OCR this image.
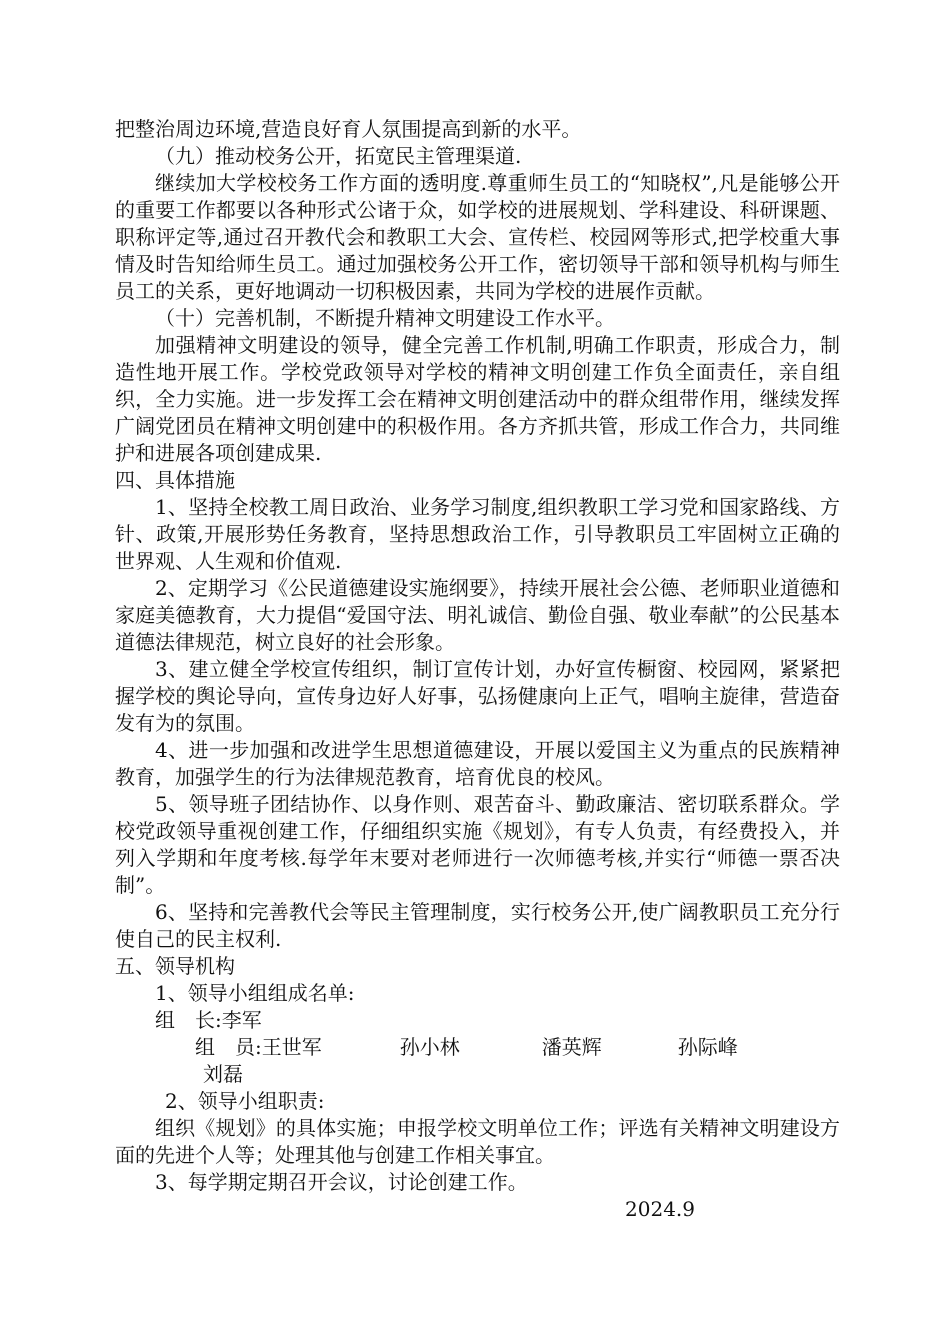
把整治周边环境,营造良好育人氛围提高到新的水平。

（九）推动校务公开，拓宽民主管理渠道.

继续加大学校校务工作方面的透明度.尊重师生员工的“知晓权”,凡是能够公开的重要工作都要以各种形式公诸于众，如学校的进展规划、学科建设、科研课题、职称评定等,通过召开教代会和教职工大会、宣传栏、校园网等形式,把学校重大事情及时告知给师生员工。通过加强校务公开工作，密切领导干部和领导机构与师生员工的关系，更好地调动一切积极因素，共同为学校的进展作贡献。

（十）完善机制，不断提升精神文明建设工作水平。

加强精神文明建设的领导，健全完善工作机制,明确工作职责，形成合力，制造性地开展工作。学校党政领导对学校的精神文明创建工作负全面责任，亲自组织，全力实施。进一步发挥工会在精神文明创建活动中的群众组带作用，继续发挥广阔党团员在精神文明创建中的积极作用。各方齐抓共管，形成工作合力，共同维护和进展各项创建成果.

四、具体措施

1、坚持全校教工周日政治、业务学习制度,组织教职工学习党和国家路线、方针、政策,开展形势任务教育，坚持思想政治工作，引导教职员工牢固树立正确的世界观、人生观和价值观.

2、定期学习《公民道德建设实施纲要》，持续开展社会公德、老师职业道德和家庭美德教育，大力提倡“爱国守法、明礼诚信、勤俭自强、敬业奉献”的公民基本道德法律规范，树立良好的社会形象。

3、建立健全学校宣传组织，制订宣传计划，办好宣传橱窗、校园网，紧紧把握学校的舆论导向，宣传身边好人好事，弘扬健康向上正气，唱响主旋律，营造奋发有为的氛围。

4、进一步加强和改进学生思想道德建设，开展以爱国主义为重点的民族精神教育，加强学生的行为法律规范教育，培育优良的校风。

5、领导班子团结协作、以身作则、艰苦奋斗、勤政廉洁、密切联系群众。学校党政领导重视创建工作，仔细组织实施《规划》，有专人负责，有经费投入，并列入学期和年度考核.每学年末要对老师进行一次师德考核,并实行“师德一票否决制”。

6、坚持和完善教代会等民主管理制度，实行校务公开,使广阔教职员工充分行使自己的民主权利.

五、领导机构

1、领导小组组成名单:

组　长:李军

组　员:王世军	孙小林	潘英辉	孙际峰刘磊

2、领导小组职责:

组织《规划》的具体实施；申报学校文明单位工作；评选有关精神文明建设方面的先进个人等；处理其他与创建工作相关事宜。

3、每学期定期召开会议，讨论创建工作。

2024.9
